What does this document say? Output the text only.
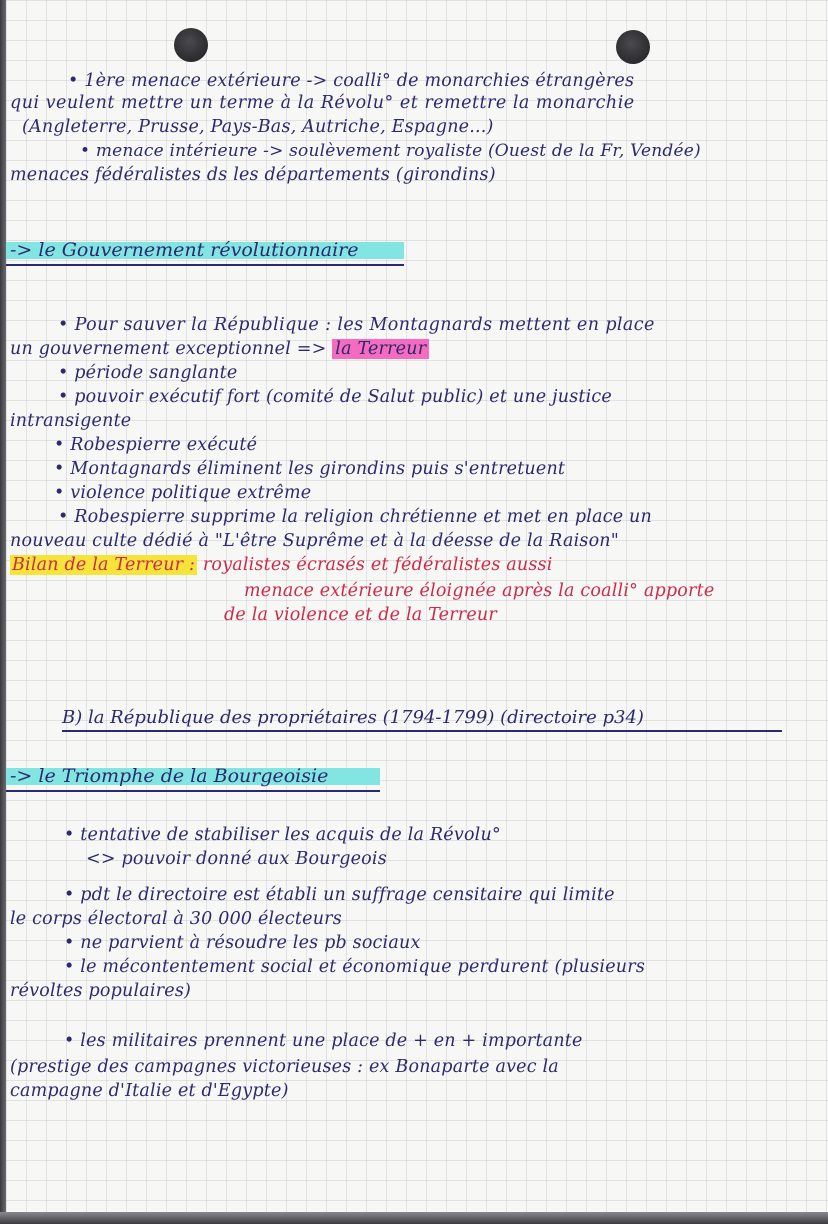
• 1ère menace extérieure -> coalli° de monarchies étrangères
qui veulent mettre un terme à la Révolu° et remettre la monarchie
(Angleterre, Prusse, Pays-Bas, Autriche, Espagne...)
• menace intérieure -> soulèvement royaliste (Ouest de la Fr, Vendée)
menaces fédéralistes ds les départements (girondins)
-> le Gouvernement révolutionnaire
• Pour sauver la République : les Montagnards mettent en place
un gouvernement exceptionnel => la Terreur
• période sanglante
• pouvoir exécutif fort (comité de Salut public) et une justice
intransigente
• Robespierre exécuté
• Montagnards éliminent les girondins puis s'entretuent
• violence politique extrême
• Robespierre supprime la religion chrétienne et met en place un
nouveau culte dédié à "L'être Suprême et à la déesse de la Raison"
Bilan de la Terreur : royalistes écrasés et fédéralistes aussi
menace extérieure éloignée après la coalli° apporte
de la violence et de la Terreur
B) la République des propriétaires (1794-1799) (directoire p34)
-> le Triomphe de la Bourgeoisie
• tentative de stabiliser les acquis de la Révolu°
<> pouvoir donné aux Bourgeois
• pdt le directoire est établi un suffrage censitaire qui limite
le corps électoral à 30 000 électeurs
• ne parvient à résoudre les pb sociaux
• le mécontentement social et économique perdurent (plusieurs
révoltes populaires)
• les militaires prennent une place de + en + importante
(prestige des campagnes victorieuses : ex Bonaparte avec la
campagne d'Italie et d'Egypte)
